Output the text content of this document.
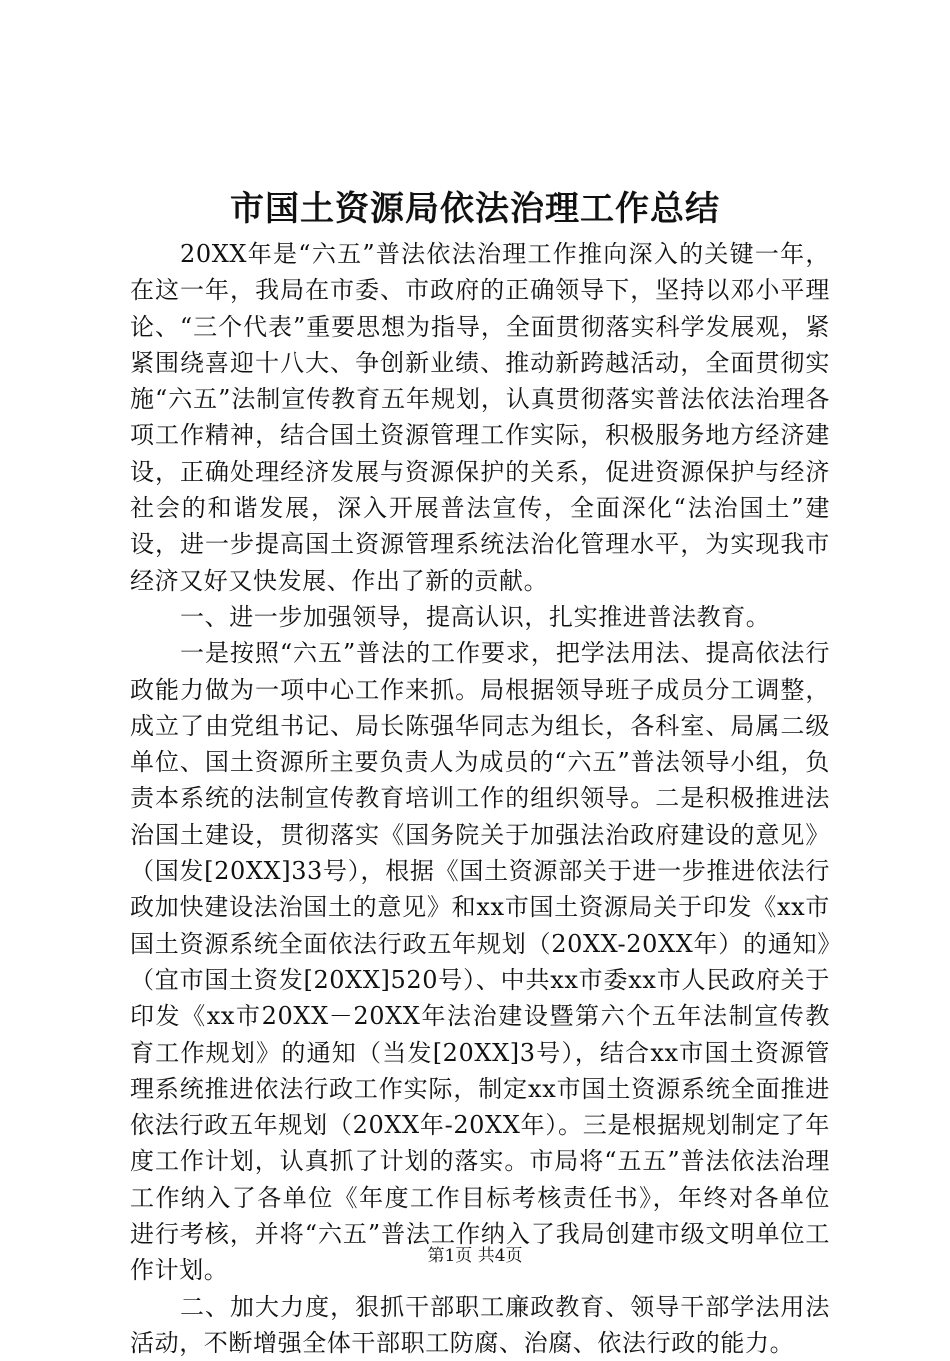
市国土资源局依法治理工作总结

20XX年是“六五”普法依法治理工作推向深入的关键一年，在这一年，我局在市委、市政府的正确领导下，坚持以邓小平理论、“三个代表”重要思想为指导，全面贯彻落实科学发展观，紧紧围绕喜迎十八大、争创新业绩、推动新跨越活动，全面贯彻实施“六五”法制宣传教育五年规划，认真贯彻落实普法依法治理各项工作精神，结合国土资源管理工作实际，积极服务地方经济建设，正确处理经济发展与资源保护的关系，促进资源保护与经济社会的和谐发展，深入开展普法宣传，全面深化“法治国土”建设，进一步提高国土资源管理系统法治化管理水平，为实现我市经济又好又快发展、作出了新的贡献。

一、进一步加强领导，提高认识，扎实推进普法教育。

一是按照“六五”普法的工作要求，把学法用法、提高依法行政能力做为一项中心工作来抓。局根据领导班子成员分工调整，成立了由党组书记、局长陈强华同志为组长，各科室、局属二级单位、国土资源所主要负责人为成员的“六五”普法领导小组，负责本系统的法制宣传教育培训工作的组织领导。二是积极推进法治国土建设，贯彻落实《国务院关于加强法治政府建设的意见》（国发[20XX]33号），根据《国土资源部关于进一步推进依法行政加快建设法治国土的意见》和xx市国土资源局关于印发《xx市国土资源系统全面依法行政五年规划（20XX-20XX年）的通知》（宜市国土资发[20XX]520号）、中共xx市委xx市人民政府关于印发《xx市20XX－20XX年法治建设暨第六个五年法制宣传教育工作规划》的通知（当发[20XX]3号），结合xx市国土资源管理系统推进依法行政工作实际，制定xx市国土资源系统全面推进依法行政五年规划（20XX年-20XX年）。三是根据规划制定了年度工作计划，认真抓了计划的落实。市局将“五五”普法依法治理工作纳入了各单位《年度工作目标考核责任书》，年终对各单位进行考核，并将“六五”普法工作纳入了我局创建市级文明单位工作计划。

二、加大力度，狠抓干部职工廉政教育、领导干部学法用法活动，不断增强全体干部职工防腐、治腐、依法行政的能力。

第1页 共4页
